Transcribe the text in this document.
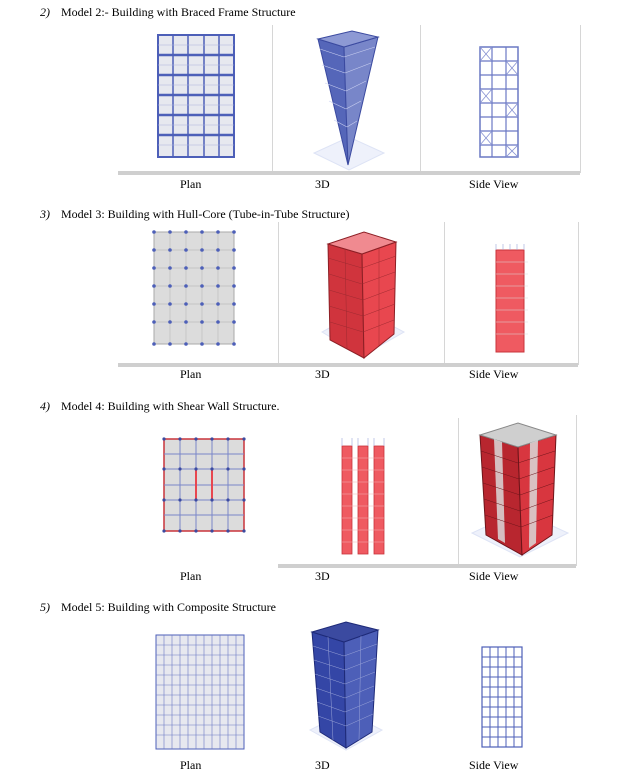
2) Model 2:- Building with Braced Frame Structure
Plan	3D	Side View
3) Model 3: Building with Hull-Core (Tube-in-Tube Structure)
Plan	3D	Side View
4) Model 4: Building with Shear Wall Structure.
Plan	3D	Side View
5) Model 5: Building with Composite Structure
Plan	3D	Side View
